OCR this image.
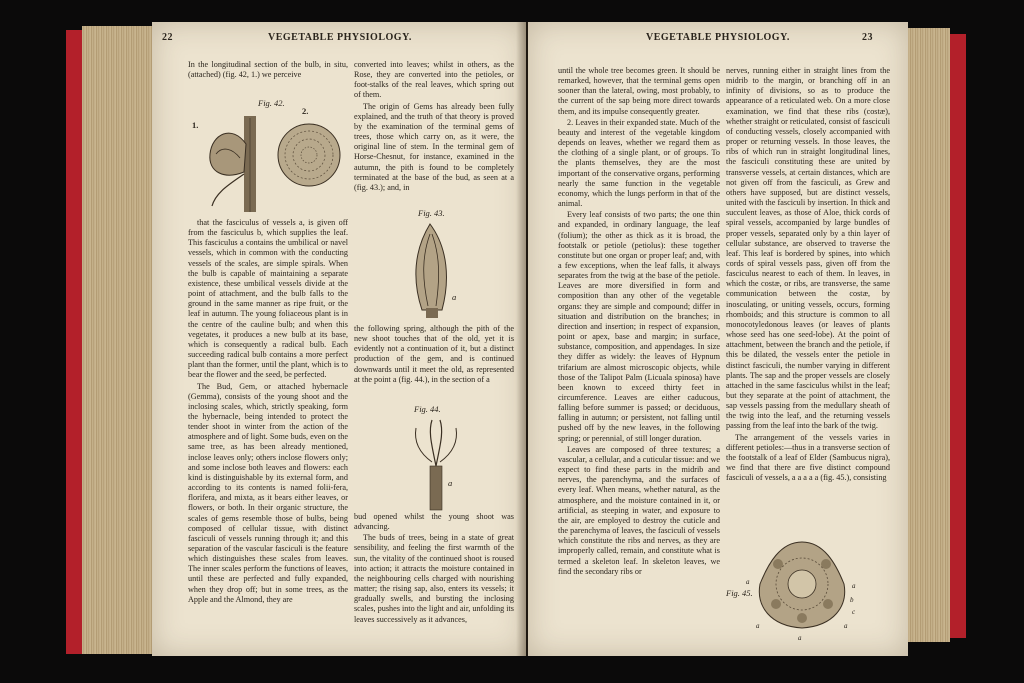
22	VEGETABLE PHYSIOLOGY.
In the longitudinal section of the bulb, in situ, (attached) (fig. 42, 1.) we perceive
Fig. 42.
1.
2.

that the fasciculus of vessels a, is given off from the fasciculus b, which supplies the leaf. This fasciculus a contains the umbilical or navel vessels, which in common with the conducting vessels of the scales, are simple spirals. When the bulb is capable of maintaining a separate existence, these umbilical vessels divide at the point of attachment, and the bulb falls to the ground in the same manner as ripe fruit, or the leaf in autumn. The young foliaceous plant is in the centre of the cauline bulb; and when this vegetates, it produces a new bulb at its base, which is consequently a radical bulb. Each succeeding radical bulb contains a more perfect plant than the former, until the plant, which is to bear the flower and the seed, be perfected.

The Bud, Gem, or attached hybernacle (Gemma), consists of the young shoot and the inclosing scales, which, strictly speaking, form the hybernacle, being intended to protect the tender shoot in winter from the action of the atmosphere and of light. Some buds, even on the same tree, as has been already mentioned, inclose leaves only; others inclose flowers only; and some inclose both leaves and flowers: each kind is distinguishable by its external form, and according to its contents is named folii-fera, florifera, and mixta, as it bears either leaves, or flowers, or both. In their organic structure, the scales of gems resemble those of bulbs, being composed of cellular tissue, with distinct fasciculi of vessels running through it; and this separation of the vascular fasciculi is the feature which distinguishes these scales from leaves. The inner scales perform the functions of leaves, until these are perfected and fully expanded, when they drop off; but in some trees, as the Apple and the Almond, they are

converted into leaves; whilst in others, as the Rose, they are converted into the petioles, or foot-stalks of the real leaves, which spring out of them.

The origin of Gems has already been fully explained, and the truth of that theory is proved by the examination of the terminal gems of trees, those which carry on, as it were, the original line of stem. In the terminal gem of Horse-Chesnut, for instance, examined in the autumn, the pith is found to be completely terminated at the base of the bud, as seen at a (fig. 43.); and, in

Fig. 43.
a
the following spring, although the pith of the new shoot touches that of the old, yet it is evidently not a continuation of it, but a distinct production of the gem, and is continued downwards until it meet the old, as represented at the point a (fig. 44.), in the section of a
Fig. 44.
a

bud opened whilst the young shoot was advancing.

The buds of trees, being in a state of great sensibility, and feeling the first warmth of the sun, the vitality of the continued shoot is roused into action; it attracts the moisture contained in the neighbouring cells charged with nourishing matter; the rising sap, also, enters its vessels; it gradually swells, and bursting the inclosing scales, pushes into the light and air, unfolding its leaves successively as it advances,

VEGETABLE PHYSIOLOGY.	23

until the whole tree becomes green. It should be remarked, however, that the terminal gems open sooner than the lateral, owing, most probably, to the current of the sap being more direct towards them, and its impulse consequently greater.

2. Leaves in their expanded state. Much of the beauty and interest of the vegetable kingdom depends on leaves, whether we regard them as the clothing of a single plant, or of groups. To the plants themselves, they are the most important of the conservative organs, performing nearly the same function in the vegetable economy, which the lungs perform in that of the animal.

Every leaf consists of two parts; the one thin and expanded, in ordinary language, the leaf (folium); the other as thick as it is broad, the footstalk or petiole (petiolus): these together constitute but one organ or proper leaf; and, with a few exceptions, when the leaf falls, it always separates from the twig at the base of the petiole. Leaves are more diversified in form and composition than any other of the vegetable organs: they are simple and compound; differ in situation and distribution on the branches; in direction and insertion; in respect of expansion, point or apex, base and margin; in surface, substance, composition, and appendages. In size they differ as widely: the leaves of Hypnum trifarium are almost microscopic objects, while those of the Talipot Palm (Licuala spinosa) have been known to exceed thirty feet in circumference. Leaves are either caducous, falling before summer is passed; or deciduous, falling in autumn; or persistent, not falling until pushed off by the new leaves, in the following spring; or perennial, of still longer duration.

Leaves are composed of three textures; a vascular, a cellular, and a cuticular tissue: and we expect to find these parts in the midrib and nerves, the parenchyma, and the surfaces of every leaf. When means, whether natural, as the atmosphere, and the moisture contained in it, or artificial, as steeping in water, and exposure to the air, are employed to destroy the cuticle and the parenchyma of leaves, the fasciculi of vessels which constitute the ribs and nerves, as they are improperly called, remain, and constitute what is termed a skeleton leaf. In skeleton leaves, we find the secondary ribs or

nerves, running either in straight lines from the midrib to the margin, or branching off in an infinity of divisions, so as to produce the appearance of a reticulated web. On a more close examination, we find that these ribs (costæ), whether straight or reticulated, consist of fasciculi of conducting vessels, closely accompanied with proper or returning vessels. In those leaves, the ribs of which run in straight longitudinal lines, the fasciculi constituting these are united by transverse vessels, at certain distances, which are not given off from the fasciculi, as Grew and others have supposed, but are distinct vessels, united with the fasciculi by insertion. In thick and succulent leaves, as those of Aloe, thick cords of spiral vessels, accompanied by large bundles of proper vessels, separated only by a thin layer of cellular substance, are observed to traverse the leaf. This leaf is bordered by spines, into which cords of spiral vessels pass, given off from the fasciculus nearest to each of them. In leaves, in which the costæ, or ribs, are transverse, the same communication between the costæ, by inosculating, or uniting vessels, occurs, forming rhomboids; and this structure is common to all monocotyledonous leaves (or leaves of plants whose seed has one seed-lobe). At the point of attachment, between the branch and the petiole, if this be dilated, the vessels enter the petiole in distinct fasciculi, the number varying in different plants. The sap and the proper vessels are closely attached in the same fasciculus whilst in the leaf; but they separate at the point of attachment, the sap vessels passing from the medullary sheath of the twig into the leaf, and the returning vessels passing from the leaf into the bark of the twig.

The arrangement of the vessels varies in different petioles:—thus in a transverse section of the footstalk of a leaf of Elder (Sambucus nigra), we find that there are five distinct compound fasciculi of vessels, a a a a a (fig. 45.), consisting

Fig. 45.
a
a
a
a
a
b
c
